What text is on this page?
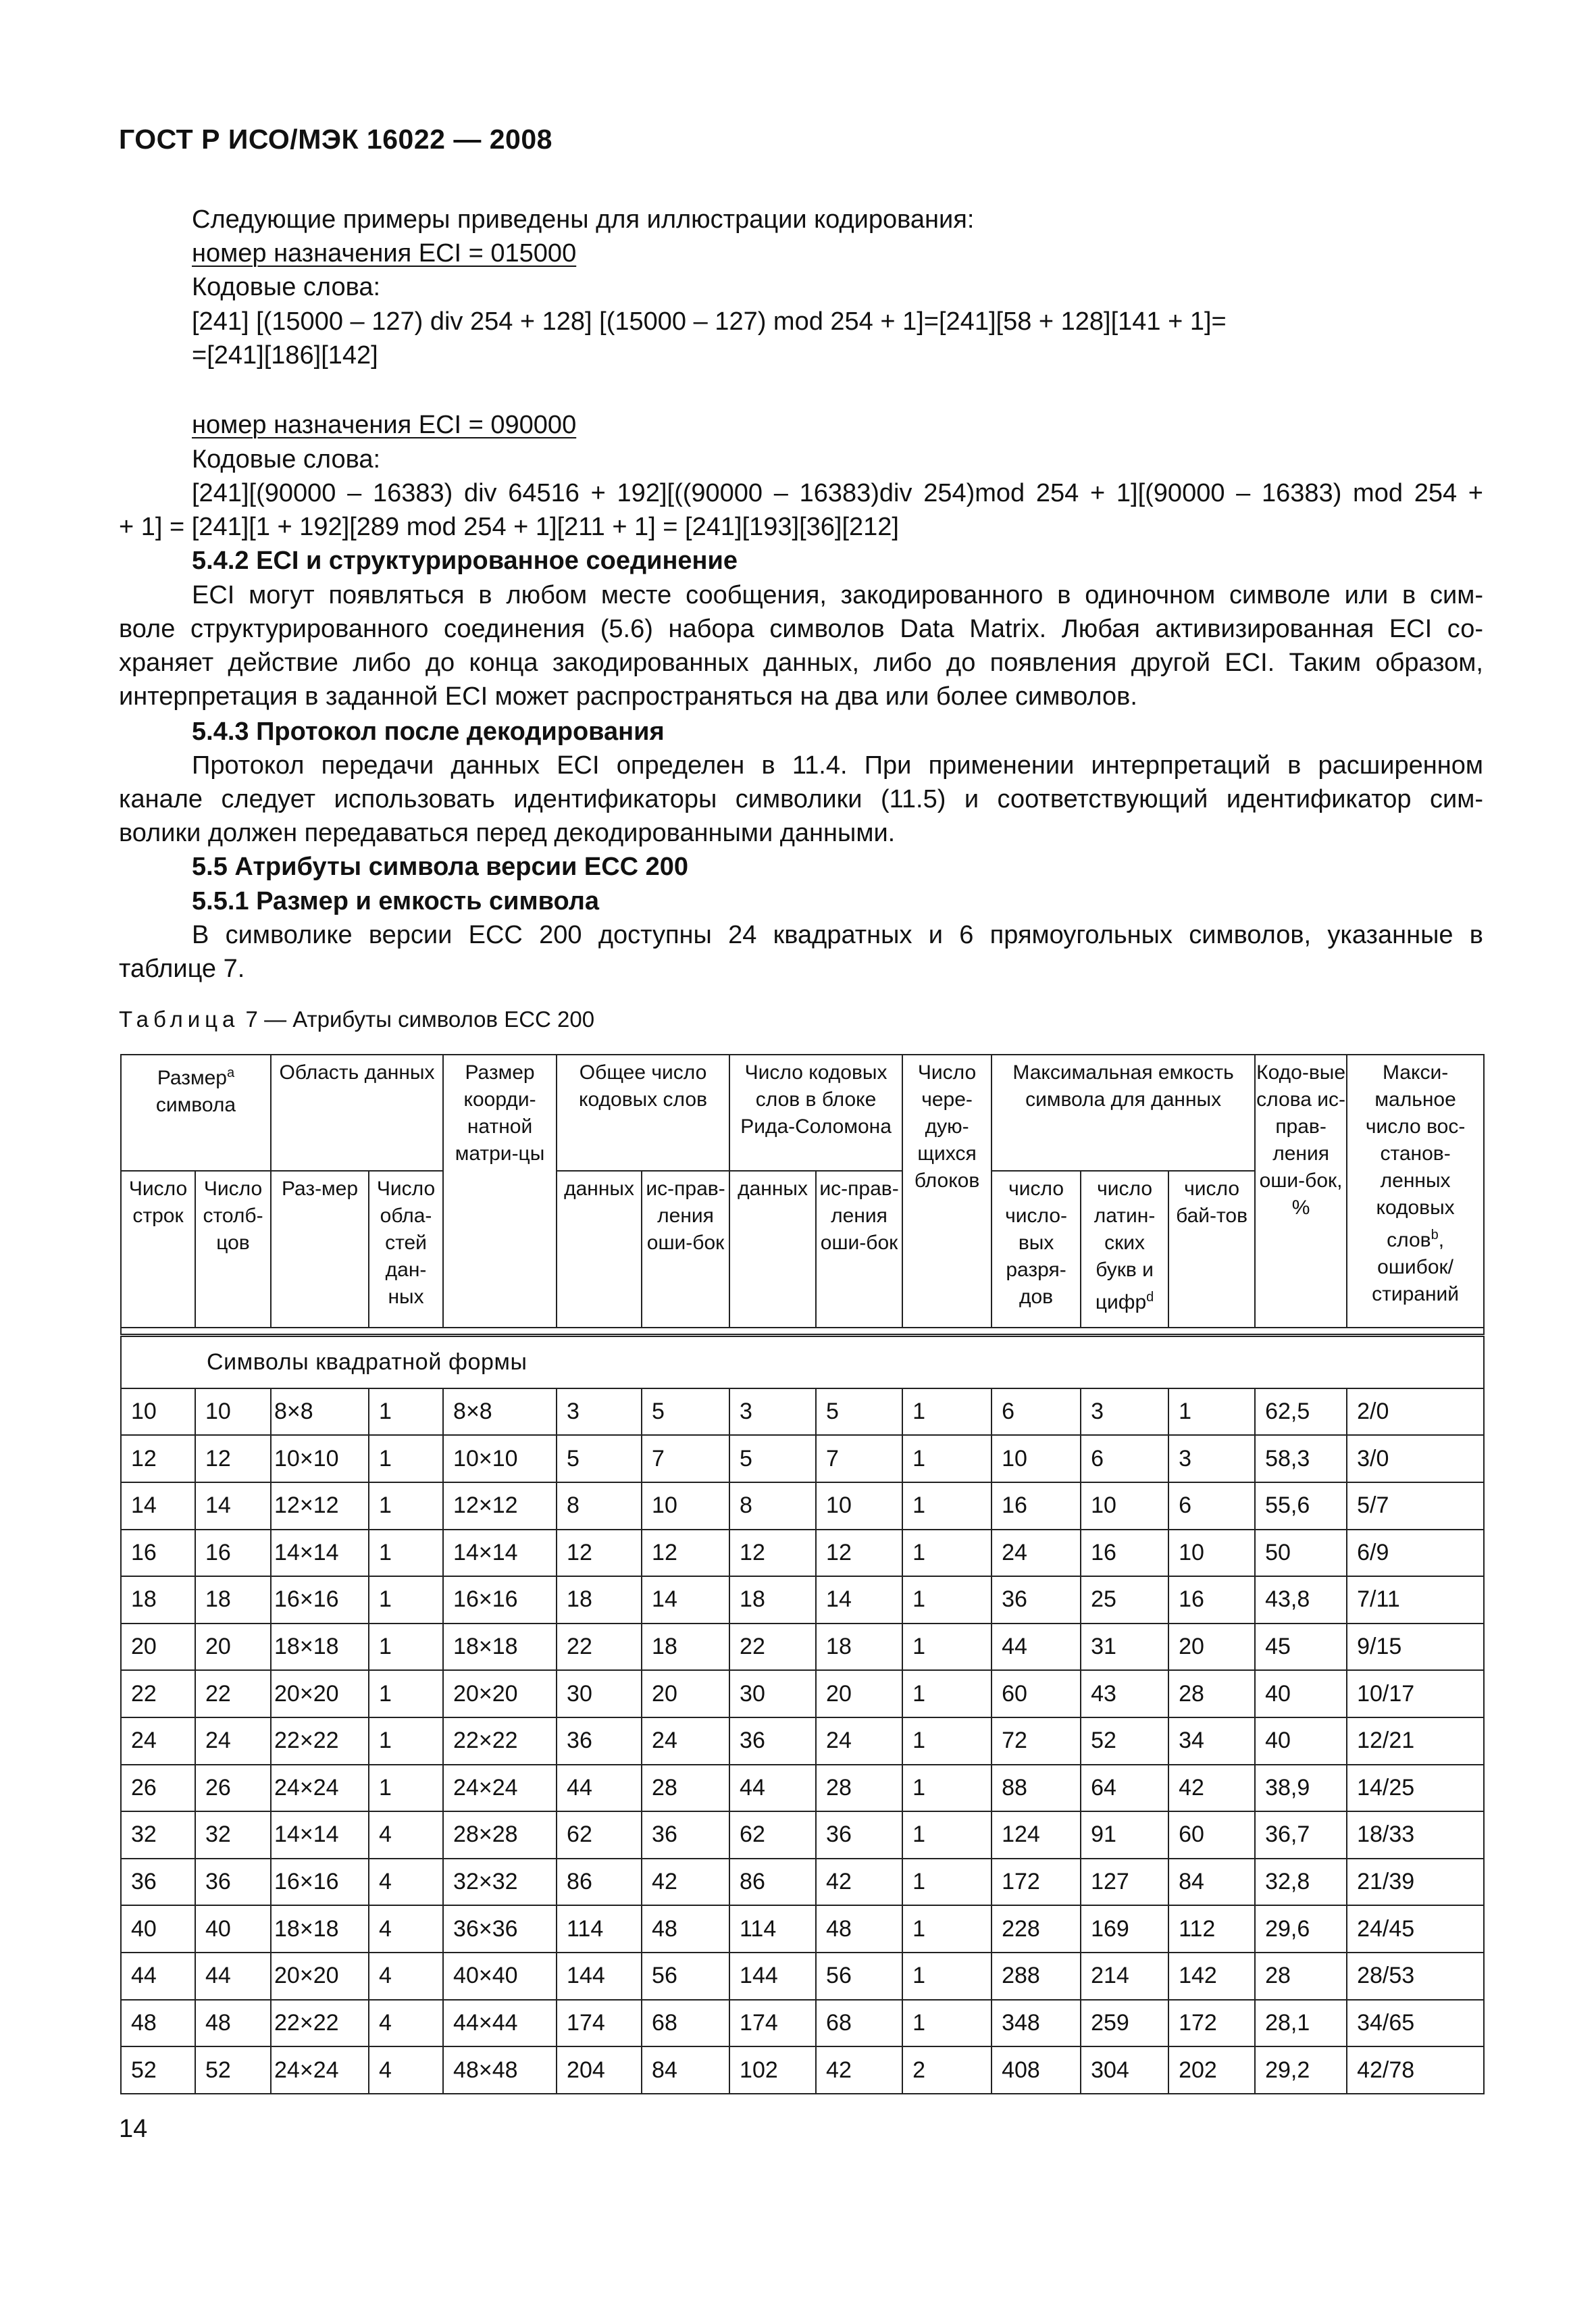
ГОСТ Р ИСО/МЭК 16022 — 2008
Следующие примеры приведены для иллюстрации кодирования:
номер назначения ECI = 015000
Кодовые слова:
[241] [(15000 – 127) div 254 + 128] [(15000 – 127) mod 254 + 1]=[241][58 + 128][141 + 1]=
=[241][186][142]
номер назначения ECI = 090000
Кодовые слова:
[241][(90000 – 16383) div 64516 + 192][((90000 – 16383)div 254)mod 254 + 1][(90000 – 16383) mod 254 +
+ 1] = [241][1 + 192][289 mod 254 + 1][211 + 1] = [241][193][36][212]
5.4.2 ECI и структурированное соединение
ECI могут появляться в любом месте сообщения, закодированного в одиночном символе или в сим-
воле структурированного соединения (5.6) набора символов Data Matrix. Любая активизированная ECI со-
храняет действие либо до конца закодированных данных, либо до появления другой ECI. Таким образом,
интерпретация в заданной ECI может распространяться на два или более символов.
5.4.3 Протокол после декодирования
Протокол передачи данных ECI определен в 11.4. При применении интерпретаций в расширенном
канале следует использовать идентификаторы символики (11.5) и соответствующий идентификатор сим-
волики должен передаваться перед декодированными данными.
5.5 Атрибуты символа версии ECC 200
5.5.1 Размер и емкость символа
В символике версии ECC 200 доступны 24 квадратных и 6 прямоугольных символов, указанные в
таблице 7.
Таблица 7 — Атрибуты символов ECC 200
Размер$^a$
символа		Область данных		Размер коорди-натной матри-цы	Общее число кодовых слов		Число кодовых слов в блоке Рида-Соломона		Число чере-дую-щихся блоков	Максимальная емкость символа для данных			Кодо-вые слова ис-прав-ления оши-бок, %	Макси-мальное число вос-станов-ленных кодовых слов$^b$, ошибок/ стираний
Число строк	Число столб-цов	Раз-мер	Число обла-стей дан-ных		данных	ис-прав-ления оши-бок	данных	ис-прав-ления оши-бок		число число-вых разря-дов	число латин-ских букв и цифр$^d$	число бай-тов		

Символы квадратной формы														
10	10	8×8	1	8×8	3	5	3	5	1	6	3	1	62,5	2/0
12	12	10×10	1	10×10	5	7	5	7	1	10	6	3	58,3	3/0
14	14	12×12	1	12×12	8	10	8	10	1	16	10	6	55,6	5/7
16	16	14×14	1	14×14	12	12	12	12	1	24	16	10	50	6/9
18	18	16×16	1	16×16	18	14	18	14	1	36	25	16	43,8	7/11
20	20	18×18	1	18×18	22	18	22	18	1	44	31	20	45	9/15
22	22	20×20	1	20×20	30	20	30	20	1	60	43	28	40	10/17
24	24	22×22	1	22×22	36	24	36	24	1	72	52	34	40	12/21
26	26	24×24	1	24×24	44	28	44	28	1	88	64	42	38,9	14/25
32	32	14×14	4	28×28	62	36	62	36	1	124	91	60	36,7	18/33
36	36	16×16	4	32×32	86	42	86	42	1	172	127	84	32,8	21/39
40	40	18×18	4	36×36	114	48	114	48	1	228	169	112	29,6	24/45
44	44	20×20	4	40×40	144	56	144	56	1	288	214	142	28	28/53
48	48	22×22	4	44×44	174	68	174	68	1	348	259	172	28,1	34/65
52	52	24×24	4	48×48	204	84	102	42	2	408	304	202	29,2	42/78
14
